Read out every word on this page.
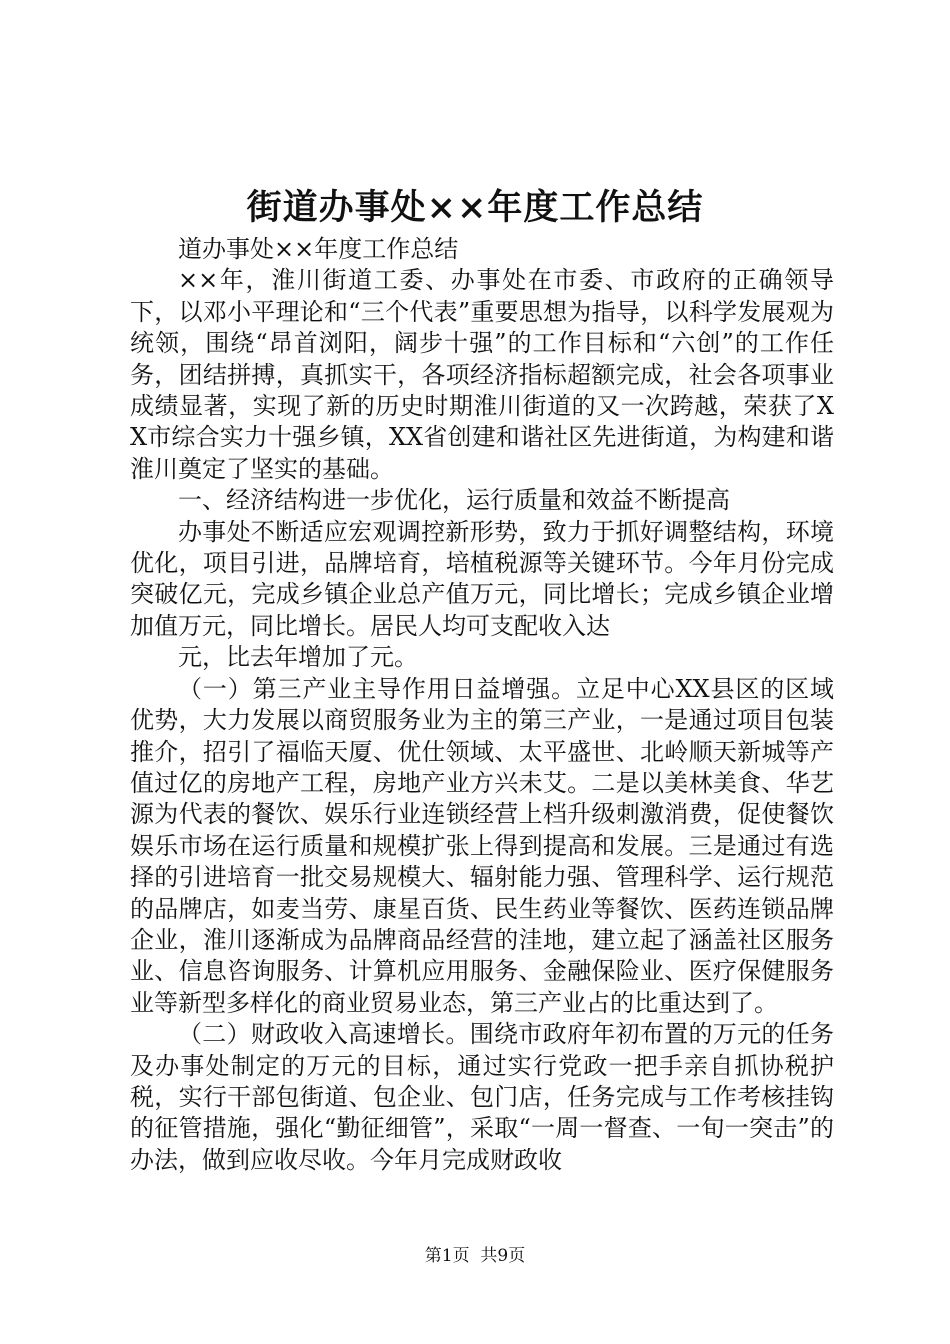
街道办事处××年度工作总结

道办事处××年度工作总结

××年，淮川街道工委、办事处在市委、市政府的正确领导下，以邓小平理论和“三个代表”重要思想为指导，以科学发展观为统领，围绕“昂首浏阳，阔步十强”的工作目标和“六创”的工作任务，团结拼搏，真抓实干，各项经济指标超额完成，社会各项事业成绩显著，实现了新的历史时期淮川街道的又一次跨越，荣获了XX市综合实力十强乡镇，XX省创建和谐社区先进街道，为构建和谐淮川奠定了坚实的基础。

一、经济结构进一步优化，运行质量和效益不断提高

办事处不断适应宏观调控新形势，致力于抓好调整结构，环境优化，项目引进，品牌培育，培植税源等关键环节。今年月份完成突破亿元，完成乡镇企业总产值万元，同比增长；完成乡镇企业增加值万元，同比增长。居民人均可支配收入达

元，比去年增加了元。

（一）第三产业主导作用日益增强。立足中心XX县区的区域优势，大力发展以商贸服务业为主的第三产业，一是通过项目包装推介，招引了福临天厦、优仕领域、太平盛世、北岭顺天新城等产值过亿的房地产工程，房地产业方兴未艾。二是以美林美食、华艺源为代表的餐饮、娱乐行业连锁经营上档升级刺激消费，促使餐饮娱乐市场在运行质量和规模扩张上得到提高和发展。三是通过有选择的引进培育一批交易规模大、辐射能力强、管理科学、运行规范的品牌店，如麦当劳、康星百货、民生药业等餐饮、医药连锁品牌企业，淮川逐渐成为品牌商品经营的洼地，建立起了涵盖社区服务业、信息咨询服务、计算机应用服务、金融保险业、医疗保健服务业等新型多样化的商业贸易业态，第三产业占的比重达到了。

（二）财政收入高速增长。围绕市政府年初布置的万元的任务及办事处制定的万元的目标，通过实行党政一把手亲自抓协税护税，实行干部包街道、包企业、包门店，任务完成与工作考核挂钩的征管措施，强化“勤征细管”，采取“一周一督查、一旬一突击”的办法，做到应收尽收。今年月完成财政收

第1页  共9页
